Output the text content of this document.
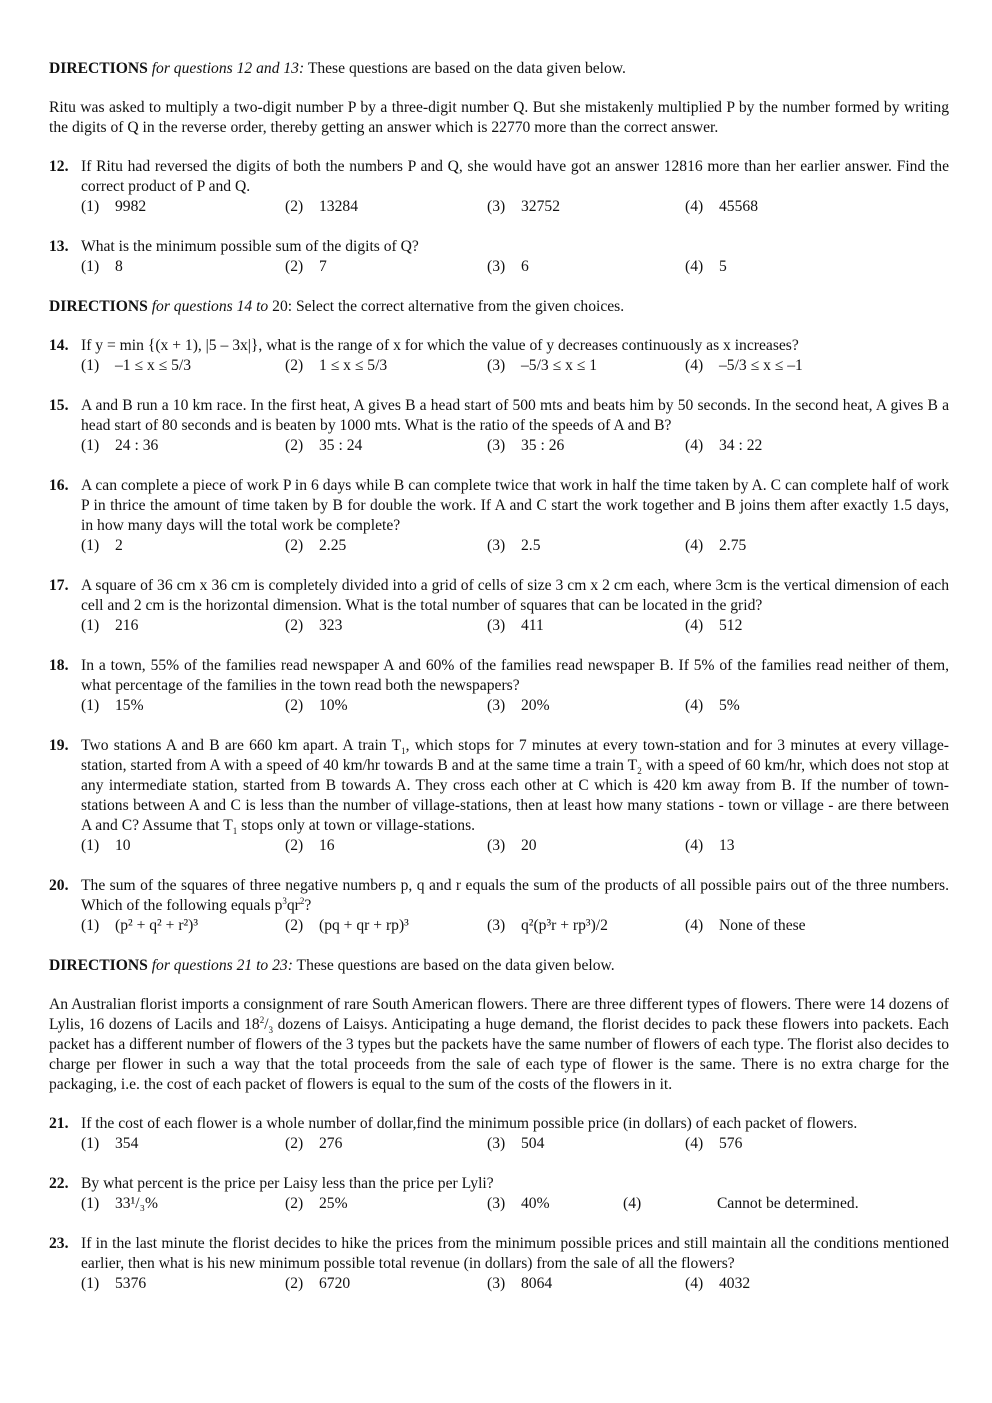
DIRECTIONS for questions 12 and 13: These questions are based on the data given below.
Ritu was asked to multiply a two-digit number P by a three-digit number Q. But she mistakenly multiplied P by the number formed by writing the digits of Q in the reverse order, thereby getting an answer which is 22770 more than the correct answer.
12. If Ritu had reversed the digits of both the numbers P and Q, she would have got an answer 12816 more than her earlier answer. Find the correct product of P and Q.
(1) 9982	(2) 13284	(3) 32752	(4) 45568
13. What is the minimum possible sum of the digits of Q?
(1) 8	(2) 7	(3) 6	(4) 5
DIRECTIONS for questions 14 to 20: Select the correct alternative from the given choices.
14. If y = min {(x + 1), |5 – 3x|}, what is the range of x for which the value of y decreases continuously as x increases?
(1) –1 ≤ x ≤ 5/3	(2) 1 ≤ x ≤ 5/3	(3) –5/3 ≤ x ≤ 1	(4) –5/3 ≤ x ≤ –1
15. A and B run a 10 km race. In the first heat, A gives B a head start of 500 mts and beats him by 50 seconds. In the second heat, A gives B a head start of 80 seconds and is beaten by 1000 mts. What is the ratio of the speeds of A and B?
(1) 24 : 36	(2) 35 : 24	(3) 35 : 26	(4) 34 : 22
16. A can complete a piece of work P in 6 days while B can complete twice that work in half the time taken by A. C can complete half of work P in thrice the amount of time taken by B for double the work. If A and C start the work together and B joins them after exactly 1.5 days, in how many days will the total work be complete?
(1) 2	(2) 2.25	(3) 2.5	(4) 2.75
17. A square of 36 cm x 36 cm is completely divided into a grid of cells of size 3 cm x 2 cm each, where 3cm is the vertical dimension of each cell and 2 cm is the horizontal dimension. What is the total number of squares that can be located in the grid?
(1) 216	(2) 323	(3) 411	(4) 512
18. In a town, 55% of the families read newspaper A and 60% of the families read newspaper B. If 5% of the families read neither of them, what percentage of the families in the town read both the newspapers?
(1) 15%	(2) 10%	(3) 20%	(4) 5%
19. Two stations A and B are 660 km apart. A train $T_1$, which stops for 7 minutes at every town-station and for 3 minutes at every village-station, started from A with a speed of 40 km/hr towards B and at the same time a train $T_2$ with a speed of 60 km/hr, which does not stop at any intermediate station, started from B towards A. They cross each other at C which is 420 km away from B. If the number of town-stations between A and C is less than the number of village-stations, then at least how many stations - town or village - are there between A and C? Assume that $T_1$ stops only at town or village-stations.
(1) 10	(2) 16	(3) 20	(4) 13
20. The sum of the squares of three negative numbers p, q and r equals the sum of the products of all possible pairs out of the three numbers. Which of the following equals $p^3qr^2$?
(1) (p² + q² + r²)³	(2) (pq + qr + rp)³	(3) q²(p³r + rp³)/2	(4) None of these
DIRECTIONS for questions 21 to 23: These questions are based on the data given below.
An Australian florist imports a consignment of rare South American flowers. There are three different types of flowers. There were 14 dozens of Lylis, 16 dozens of Lacils and $18^2/_3$ dozens of Laisys. Anticipating a huge demand, the florist decides to pack these flowers into packets. Each packet has a different number of flowers of the 3 types but the packets have the same number of flowers of each type. The florist also decides to charge per flower in such a way that the total proceeds from the sale of each type of flower is the same. There is no extra charge for the packaging, i.e. the cost of each packet of flowers is equal to the sum of the costs of the flowers in it.
21. If the cost of each flower is a whole number of dollar,find the minimum possible price (in dollars) of each packet of flowers.
(1) 354	(2) 276	(3) 504	(4) 576
22. By what percent is the price per Laisy less than the price per Lyli?
(1) 33¹/₃%	(2) 25%	(3) 40%	(4)	Cannot be determined.
23. If in the last minute the florist decides to hike the prices from the minimum possible prices and still maintain all the conditions mentioned earlier, then what is his new minimum possible total revenue (in dollars) from the sale of all the flowers?
(1) 5376	(2) 6720	(3) 8064	(4) 4032
